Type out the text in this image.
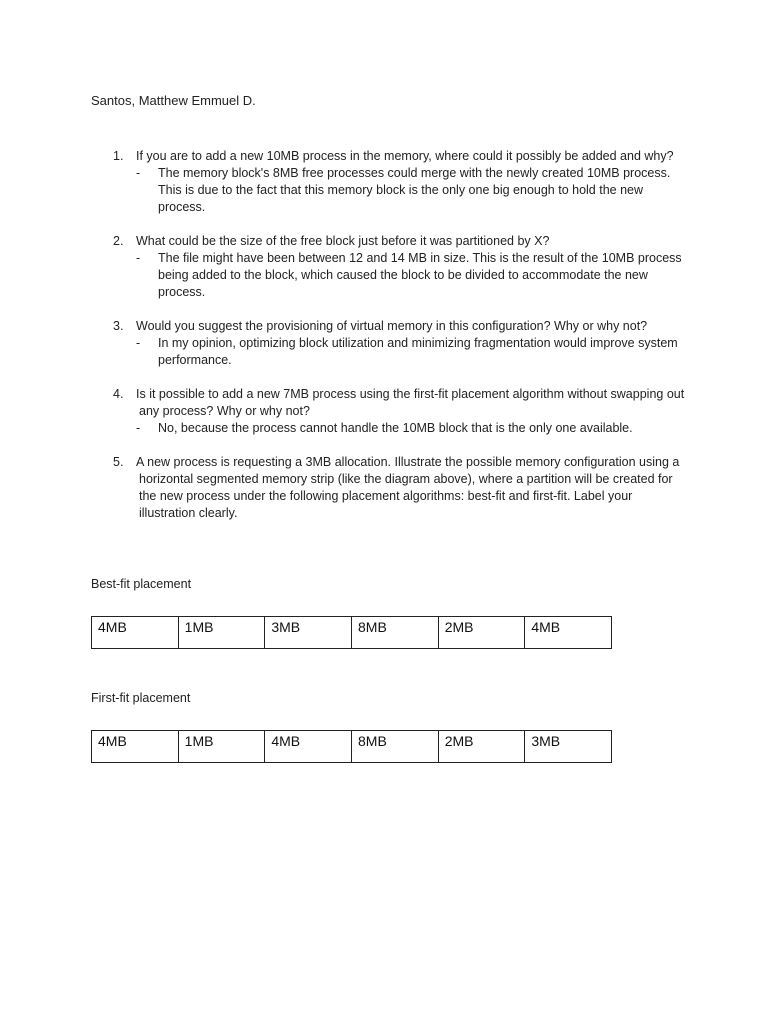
Santos, Matthew Emmuel D.
1. If you are to add a new 10MB process in the memory, where could it possibly be added and why?
- The memory block's 8MB free processes could merge with the newly created 10MB process. This is due to the fact that this memory block is the only one big enough to hold the new process.
2. What could be the size of the free block just before it was partitioned by X?
- The file might have been between 12 and 14 MB in size. This is the result of the 10MB process being added to the block, which caused the block to be divided to accommodate the new process.
3. Would you suggest the provisioning of virtual memory in this configuration? Why or why not?
- In my opinion, optimizing block utilization and minimizing fragmentation would improve system performance.
4. Is it possible to add a new 7MB process using the first-fit placement algorithm without swapping out any process? Why or why not?
- No, because the process cannot handle the 10MB block that is the only one available.
5. A new process is requesting a 3MB allocation. Illustrate the possible memory configuration using a horizontal segmented memory strip (like the diagram above), where a partition will be created for the new process under the following placement algorithms: best-fit and first-fit. Label your illustration clearly.
Best-fit placement
4MB	1MB	3MB	8MB	2MB	4MB
First-fit placement
4MB	1MB	4MB	8MB	2MB	3MB
